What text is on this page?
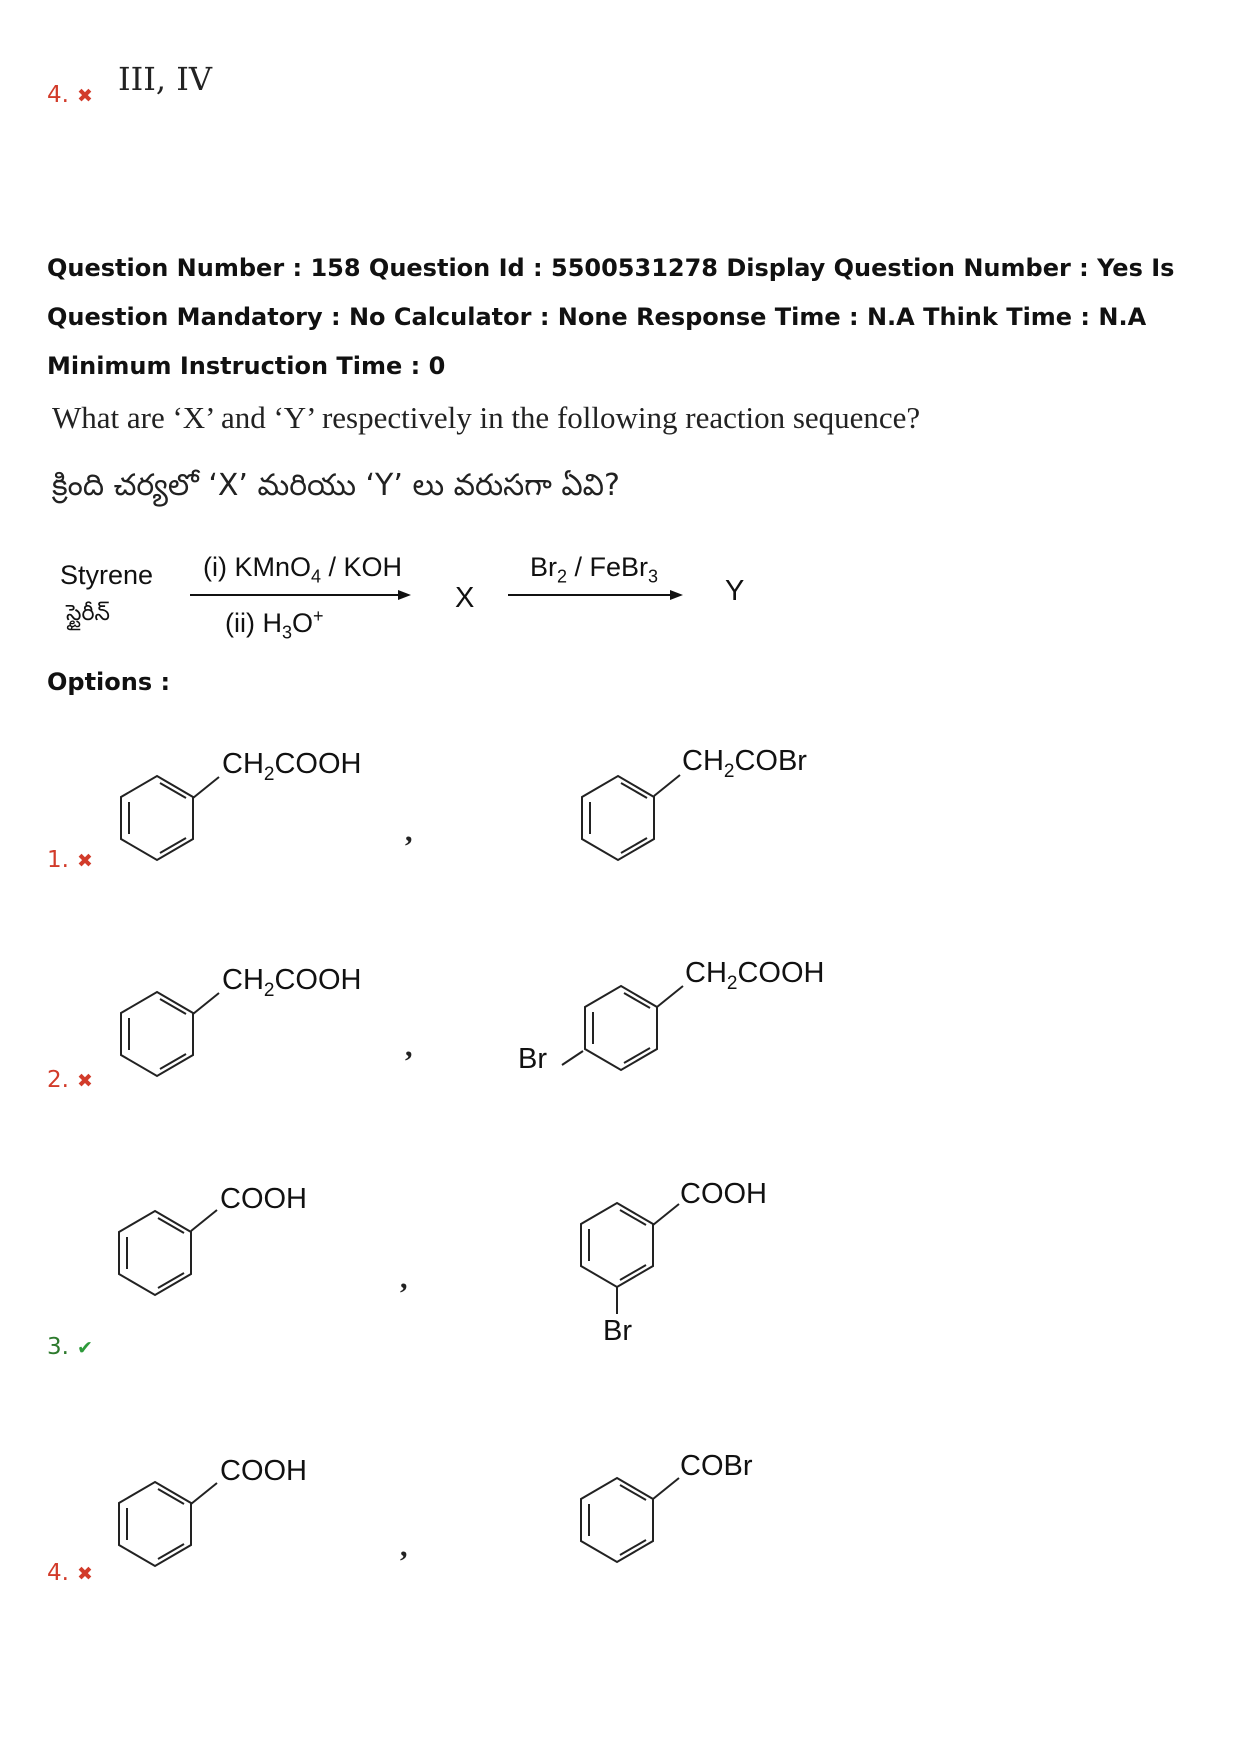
4. ✖ III, IV
Question Number : 158 Question Id : 5500531278 Display Question Number : Yes Is Question Mandatory : No Calculator : None Response Time : N.A Think Time : N.A Minimum Instruction Time : 0
What are ‘X’ and ‘Y’ respectively in the following reaction sequence?
క్రింది చర్యలో ‘X’ మరియు ‘Y’ లు వరుసగా ఏవి?
Styrene
స్టైరీన్
(i) KMnO$_4$ / KOH
(ii) $H_3O^+$
X
$Br_2$ / FeBr$_3$ Y
Options :
$CH_2COOH$
,
$CH_2COBr$
1. ✖
$CH_2COOH$
,
$CH_2COOH$
Br
2. ✖
COOH
,
COOH
Br
3. ✔
COOH
,
COBr
4. ✖
